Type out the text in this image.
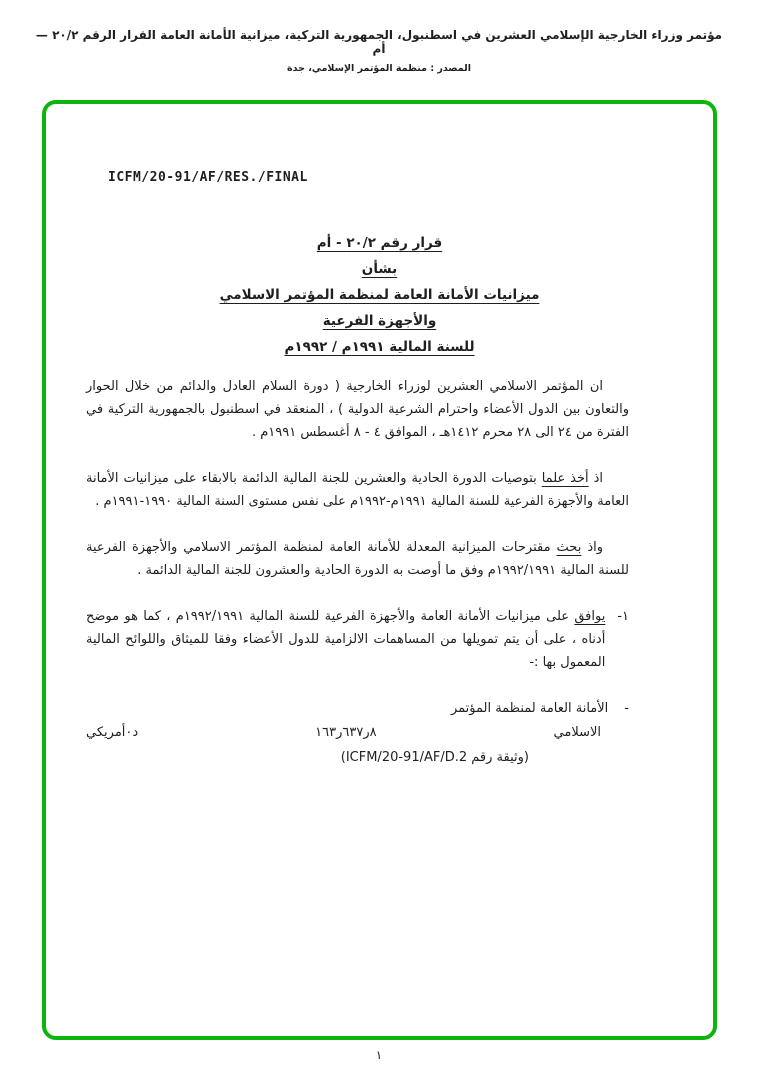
مؤتمر وزراء الخارجية الإسلامي العشرين في اسطنبول، الجمهورية التركية، ميزانية الأمانة العامة القرار الرقم ٢٠/٢ — أم
المصدر : منظمة المؤتمر الإسلامي، جدة
ICFM/20-91/AF/RES./FINAL
قرار رقم ٢٠/٢ - أم
بشأن
ميزانيات الأمانة العامة لمنظمة المؤتمر الاسلامي
والأجهزة الفرعية
للسنة المالية ١٩٩١م / ١٩٩٢م

ان المؤتمر الاسلامي العشرين لوزراء الخارجية ( دورة السلام العادل والدائم من خلال الحوار والتعاون بين الدول الأعضاء واحترام الشرعية الدولية ) ، المنعقد في اسطنبول بالجمهورية التركية في الفترة من ٢٤ الى ٢٨ محرم ١٤١٢هـ ، الموافق ٤ - ٨ أغسطس ١٩٩١م .

اذ أخذ علما بتوصيات الدورة الحادية والعشرين للجنة المالية الدائمة بالابقاء على ميزانيات الأمانة العامة والأجهزة الفرعية للسنة المالية ١٩٩١م-١٩٩٢م على نفس مستوى السنة المالية ١٩٩٠-١٩٩١م .

واذ بحث مقترحات الميزانية المعدلة للأمانة العامة لمنظمة المؤتمر الاسلامي والأجهزة الفرعية للسنة المالية ١٩٩٢/١٩٩١م وفق ما أوصت به الدورة الحادية والعشرون للجنة المالية الدائمة .

١-

يوافق على ميزانيات الأمانة العامة والأجهزة الفرعية للسنة المالية ١٩٩٢/١٩٩١م ، كما هو موضح أدناه ، على أن يتم تمويلها من المساهمات الالزامية للدول الأعضاء وفقا للميثاق واللوائح المالية المعمول بها :-

-
الأمانة العامة لمنظمة المؤتمر
الاسلامي
٨ر٦٣٧ر١٦٣
د٠أمريكي
(وثيقة رقم ICFM/20-91/AF/D.2)
١
